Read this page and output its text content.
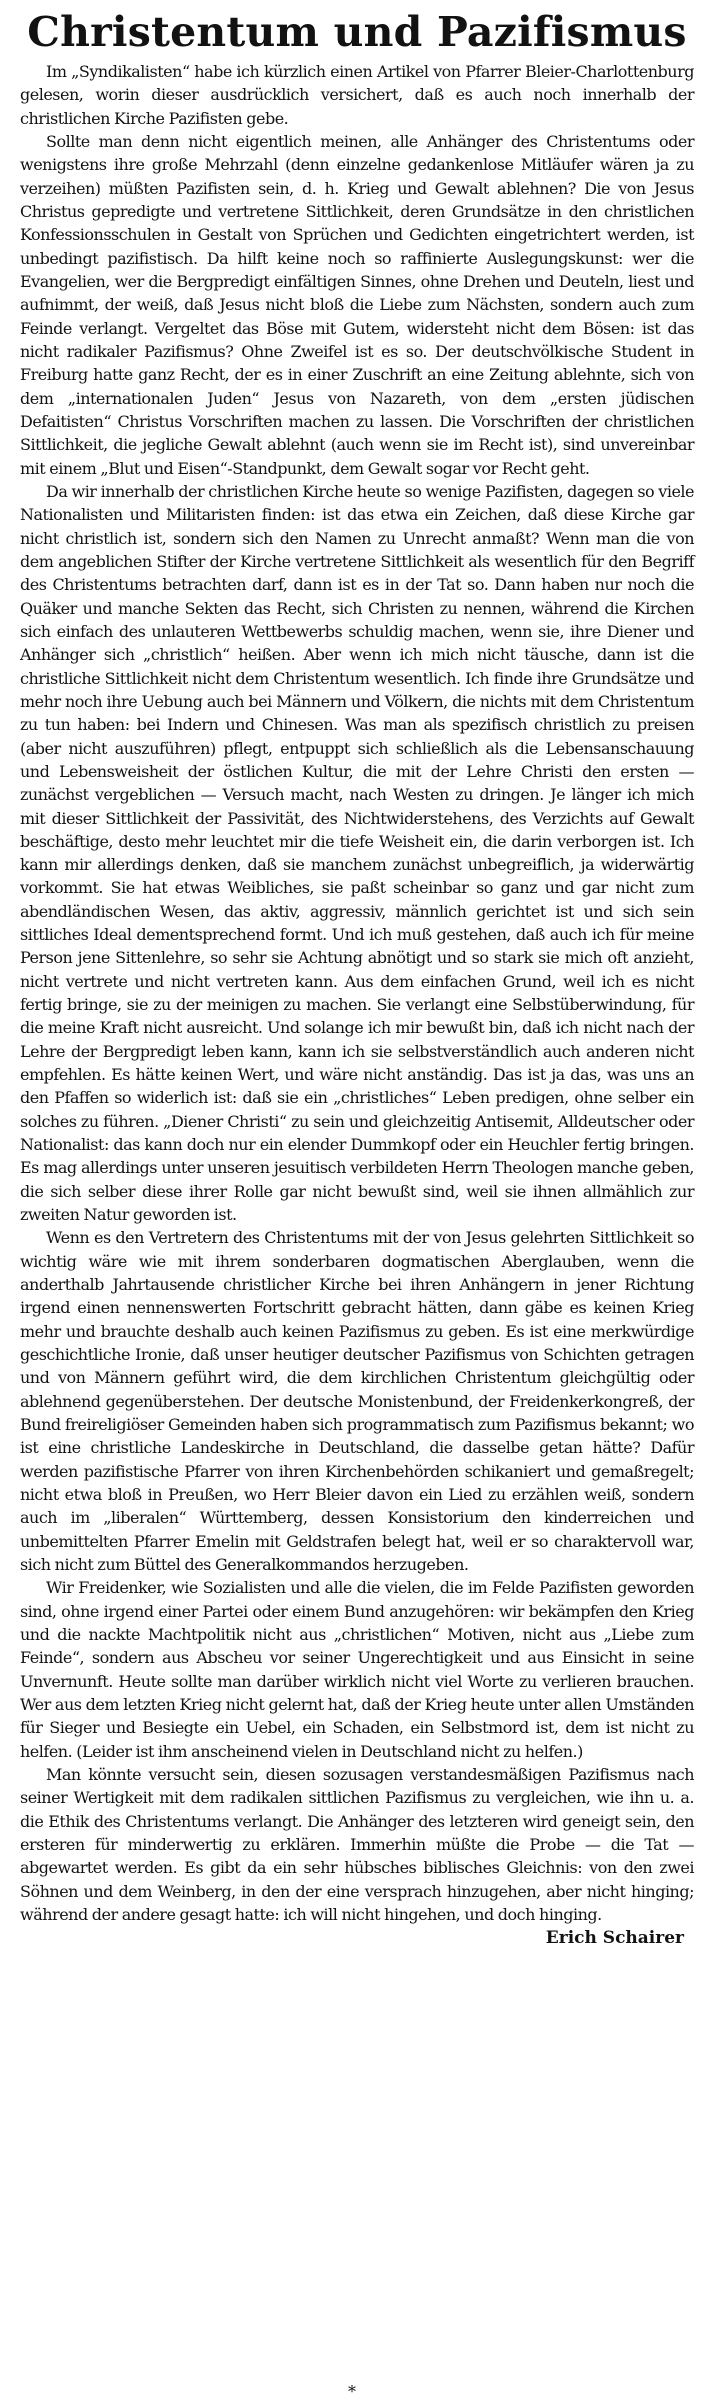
Christentum und Pazifismus

Im „Syndikalisten“ habe ich kürzlich einen Artikel von Pfarrer Bleier-Charlottenburg gelesen, worin dieser ausdrücklich versichert, daß es auch noch innerhalb der christlichen Kirche Pazifisten gebe.

Sollte man denn nicht eigentlich meinen, alle Anhänger des Christentums oder wenigstens ihre große Mehrzahl (denn einzelne gedankenlose Mitläufer wären ja zu verzeihen) müßten Pazifisten sein, d. h. Krieg und Gewalt ablehnen? Die von Jesus Christus gepredigte und vertretene Sittlichkeit, deren Grundsätze in den christlichen Konfessionsschulen in Gestalt von Sprüchen und Gedichten eingetrichtert werden, ist unbedingt pazifistisch. Da hilft keine noch so raffinierte Auslegungskunst: wer die Evangelien, wer die Bergpredigt einfältigen Sinnes, ohne Drehen und Deuteln, liest und aufnimmt, der weiß, daß Jesus nicht bloß die Liebe zum Nächsten, sondern auch zum Feinde verlangt. Vergeltet das Böse mit Gutem, widersteht nicht dem Bösen: ist das nicht radikaler Pazifismus? Ohne Zweifel ist es so. Der deutschvölkische Student in Freiburg hatte ganz Recht, der es in einer Zuschrift an eine Zeitung ablehnte, sich von dem „internationalen Juden“ Jesus von Nazareth, von dem „ersten jüdischen Defaitisten“ Christus Vorschriften machen zu lassen. Die Vorschriften der christlichen Sittlichkeit, die jegliche Gewalt ablehnt (auch wenn sie im Recht ist), sind unvereinbar mit einem „Blut und Eisen“-Standpunkt, dem Gewalt sogar vor Recht geht.

Da wir innerhalb der christlichen Kirche heute so wenige Pazifisten, dagegen so viele Nationalisten und Militaristen finden: ist das etwa ein Zeichen, daß diese Kirche gar nicht christlich ist, sondern sich den Namen zu Unrecht anmaßt? Wenn man die von dem angeblichen Stifter der Kirche vertretene Sittlichkeit als wesentlich für den Begriff des Christentums betrachten darf, dann ist es in der Tat so. Dann haben nur noch die Quäker und manche Sekten das Recht, sich Christen zu nennen, während die Kirchen sich einfach des unlauteren Wettbewerbs schuldig machen, wenn sie, ihre Diener und Anhänger sich „christlich“ heißen. Aber wenn ich mich nicht täusche, dann ist die christliche Sittlichkeit nicht dem Christentum wesentlich. Ich finde ihre Grundsätze und mehr noch ihre Uebung auch bei Männern und Völkern, die nichts mit dem Christentum zu tun haben: bei Indern und Chinesen. Was man als spezifisch christlich zu preisen (aber nicht auszuführen) pflegt, entpuppt sich schließlich als die Lebensanschauung und Lebensweisheit der östlichen Kultur, die mit der Lehre Christi den ersten — zunächst vergeblichen — Versuch macht, nach Westen zu dringen. Je länger ich mich mit dieser Sittlichkeit der Passivität, des Nichtwiderstehens, des Verzichts auf Gewalt beschäftige, desto mehr leuchtet mir die tiefe Weisheit ein, die darin verborgen ist. Ich kann mir allerdings denken, daß sie manchem zunächst unbegreiflich, ja widerwärtig vorkommt. Sie hat etwas Weibliches, sie paßt scheinbar so ganz und gar nicht zum abendländischen Wesen, das aktiv, aggressiv, männlich gerichtet ist und sich sein sittliches Ideal dementsprechend formt. Und ich muß gestehen, daß auch ich für meine Person jene Sittenlehre, so sehr sie Achtung abnötigt und so stark sie mich oft anzieht, nicht vertrete und nicht vertreten kann. Aus dem einfachen Grund, weil ich es nicht fertig bringe, sie zu der meinigen zu machen. Sie verlangt eine Selbstüberwindung, für die meine Kraft nicht ausreicht. Und solange ich mir bewußt bin, daß ich nicht nach der Lehre der Bergpredigt leben kann, kann ich sie selbstverständlich auch anderen nicht empfehlen. Es hätte keinen Wert, und wäre nicht anständig. Das ist ja das, was uns an den Pfaffen so widerlich ist: daß sie ein „christliches“ Leben predigen, ohne selber ein solches zu führen. „Diener Christi“ zu sein und gleichzeitig Antisemit, Alldeutscher oder Nationalist: das kann doch nur ein elender Dummkopf oder ein Heuchler fertig bringen. Es mag allerdings unter unseren jesuitisch verbildeten Herrn Theologen manche geben, die sich selber diese ihrer Rolle gar nicht bewußt sind, weil sie ihnen allmählich zur zweiten Natur geworden ist.

Wenn es den Vertretern des Christentums mit der von Jesus gelehrten Sittlichkeit so wichtig wäre wie mit ihrem sonderbaren dogmatischen Aberglauben, wenn die anderthalb Jahrtausende christlicher Kirche bei ihren Anhängern in jener Richtung irgend einen nennenswerten Fortschritt gebracht hätten, dann gäbe es keinen Krieg mehr und brauchte deshalb auch keinen Pazifismus zu geben. Es ist eine merkwürdige geschichtliche Ironie, daß unser heutiger deutscher Pazifismus von Schichten getragen und von Männern geführt wird, die dem kirchlichen Christentum gleichgültig oder ablehnend gegenüberstehen. Der deutsche Monistenbund, der Freidenkerkongreß, der Bund freireligiöser Gemeinden haben sich programmatisch zum Pazifismus bekannt; wo ist eine christliche Landeskirche in Deutschland, die dasselbe getan hätte? Dafür werden pazifistische Pfarrer von ihren Kirchenbehörden schikaniert und gemaßregelt; nicht etwa bloß in Preußen, wo Herr Bleier davon ein Lied zu erzählen weiß, sondern auch im „liberalen“ Württemberg, dessen Konsistorium den kinderreichen und unbemittelten Pfarrer Emelin mit Geldstrafen belegt hat, weil er so charaktervoll war, sich nicht zum Büttel des Generalkommandos herzugeben.

Wir Freidenker, wie Sozialisten und alle die vielen, die im Felde Pazifisten geworden sind, ohne irgend einer Partei oder einem Bund anzugehören: wir bekämpfen den Krieg und die nackte Machtpolitik nicht aus „christlichen“ Motiven, nicht aus „Liebe zum Feinde“, sondern aus Abscheu vor seiner Ungerechtigkeit und aus Einsicht in seine Unvernunft. Heute sollte man darüber wirklich nicht viel Worte zu verlieren brauchen. Wer aus dem letzten Krieg nicht gelernt hat, daß der Krieg heute unter allen Umständen für Sieger und Besiegte ein Uebel, ein Schaden, ein Selbstmord ist, dem ist nicht zu helfen. (Leider ist ihm anscheinend vielen in Deutschland nicht zu helfen.)

Man könnte versucht sein, diesen sozusagen verstandesmäßigen Pazifismus nach seiner Wertigkeit mit dem radikalen sittlichen Pazifismus zu vergleichen, wie ihn u. a. die Ethik des Christentums verlangt. Die Anhänger des letzteren wird geneigt sein, den ersteren für minderwertig zu erklären. Immerhin müßte die Probe — die Tat — abgewartet werden. Es gibt da ein sehr hübsches biblisches Gleichnis: von den zwei Söhnen und dem Weinberg, in den der eine versprach hinzugehen, aber nicht hinging; während der andere gesagt hatte: ich will nicht hingehen, und doch hinging.

Erich Schairer
*
